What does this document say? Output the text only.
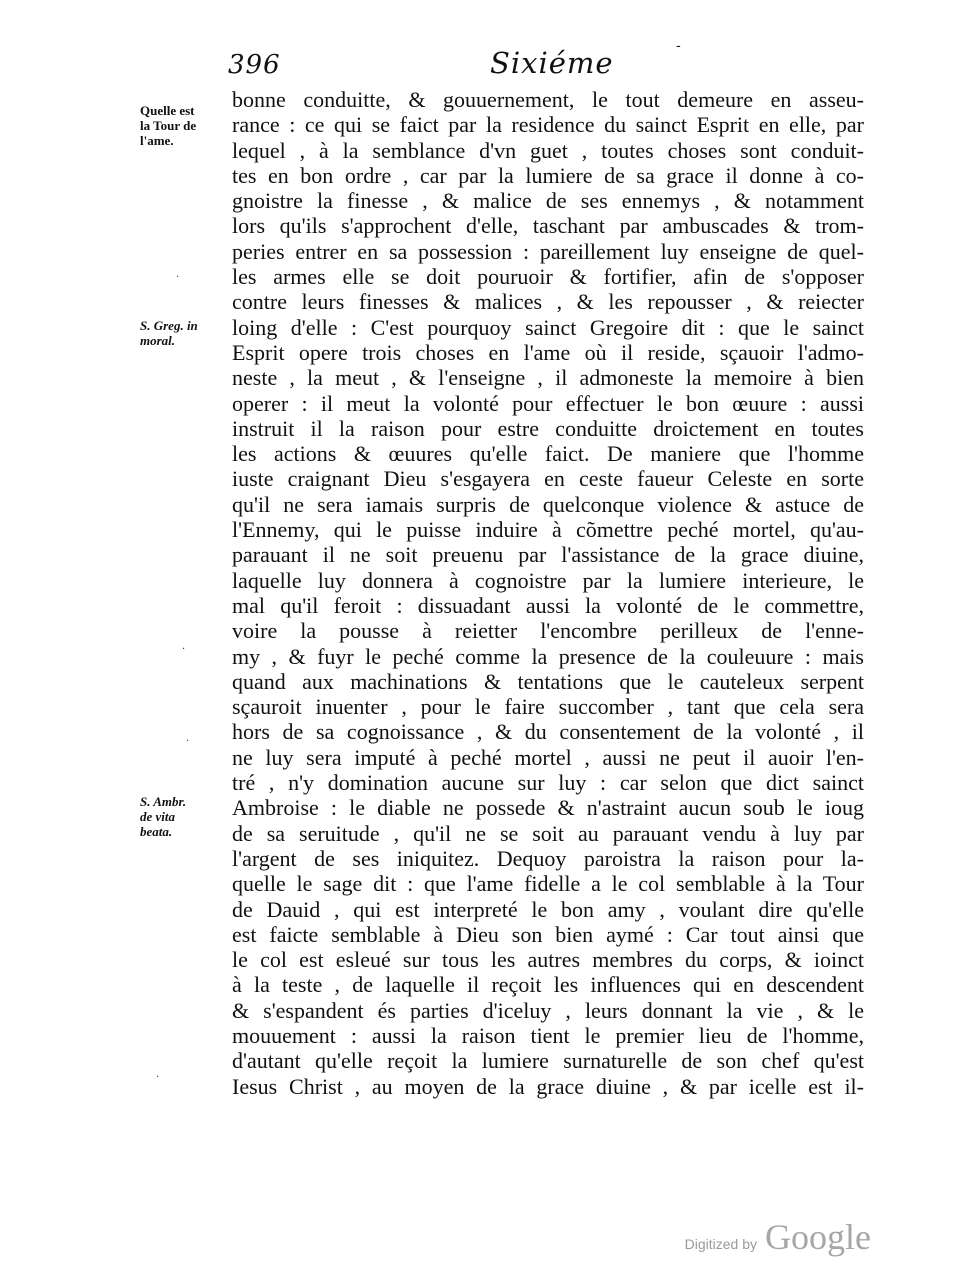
396	Sixiéme	-
Quelle est
la Tour de
l'ame.
S. Greg. in
moral.
S. Ambr.
de vita
beata.
·
·
·
·
bonne conduitte, & gouuernement, le tout demeure en asseu-
rance : ce qui se faict par la residence du sainct Esprit en elle, par
lequel , à la semblance d'vn guet , toutes choses sont conduit-
tes en bon ordre , car par la lumiere de sa grace il donne à co-
gnoistre la finesse , & malice de ses ennemys , & notamment
lors qu'ils s'approchent d'elle, taschant par ambuscades & trom-
peries entrer en sa possession : pareillement luy enseigne de quel-
les armes elle se doit pouruoir & fortifier, afin de s'opposer
contre leurs finesses & malices , & les repousser , & reiecter
loing d'elle : C'est pourquoy sainct Gregoire dit : que le sainct
Esprit opere trois choses en l'ame où il reside, sçauoir l'admo-
neste , la meut , & l'enseigne , il admoneste la memoire à bien
operer : il meut la volonté pour effectuer le bon œuure : aussi
instruit il la raison pour estre conduitte droictement en toutes
les actions & œuures qu'elle faict. De maniere que l'homme
iuste craignant Dieu s'esgayera en ceste faueur Celeste en sorte
qu'il ne sera iamais surpris de quelconque violence & astuce de
l'Ennemy, qui le puisse induire à cõmettre peché mortel, qu'au-
parauant il ne soit preuenu par l'assistance de la grace diuine,
laquelle luy donnera à cognoistre par la lumiere interieure, le
mal qu'il feroit : dissuadant aussi la volonté de le commettre,
voire la pousse à reietter l'encombre perilleux de l'enne-
my , & fuyr le peché comme la presence de la couleuure : mais
quand aux machinations & tentations que le cauteleux serpent
sçauroit inuenter , pour le faire succomber , tant que cela sera
hors de sa cognoissance , & du consentement de la volonté , il
ne luy sera imputé à peché mortel , aussi ne peut il auoir l'en-
tré , n'y domination aucune sur luy : car selon que dict sainct
Ambroise : le diable ne possede & n'astraint aucun soub le ioug
de sa seruitude , qu'il ne se soit au parauant vendu à luy par
l'argent de ses iniquitez. Dequoy paroistra la raison pour la-
quelle le sage dit : que l'ame fidelle a le col semblable à la Tour
de Dauid , qui est interpreté le bon amy , voulant dire qu'elle
est faicte semblable à Dieu son bien aymé : Car tout ainsi que
le col est esleué sur tous les autres membres du corps, & ioinct
à la teste , de laquelle il reçoit les influences qui en descendent
& s'espandent és parties d'iceluy , leurs donnant la vie , & le
mouuement : aussi la raison tient le premier lieu de l'homme,
d'autant qu'elle reçoit la lumiere surnaturelle de son chef qu'est
Iesus Christ , au moyen de la grace diuine , & par icelle est il-
Digitized by Google
